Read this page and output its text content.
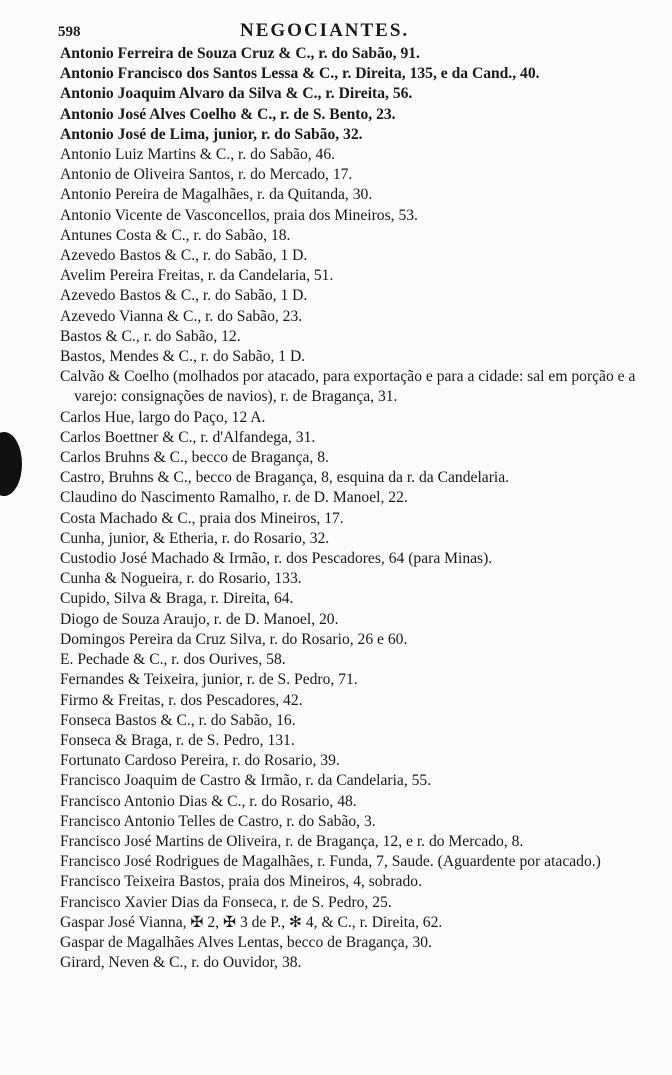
598	NEGOCIANTES.
Antonio Ferreira de Souza Cruz & C., r. do Sabão, 91.
Antonio Francisco dos Santos Lessa & C., r. Direita, 135, e da Cand., 40.
Antonio Joaquim Alvaro da Silva & C., r. Direita, 56.
Antonio José Alves Coelho & C., r. de S. Bento, 23.
Antonio José de Lima, junior, r. do Sabão, 32.
Antonio Luiz Martins & C., r. do Sabão, 46.
Antonio de Oliveira Santos, r. do Mercado, 17.
Antonio Pereira de Magalhães, r. da Quitanda, 30.
Antonio Vicente de Vasconcellos, praia dos Mineiros, 53.
Antunes Costa & C., r. do Sabão, 18.
Azevedo Bastos & C., r. do Sabão, 1 D.
Avelim Pereira Freitas, r. da Candelaria, 51.
Azevedo Bastos & C., r. do Sabão, 1 D.
Azevedo Vianna & C., r. do Sabão, 23.
Bastos & C., r. do Sabão, 12.
Bastos, Mendes & C., r. do Sabão, 1 D.
Calvão & Coelho (molhados por atacado, para exportação e para a cidade: sal em porção e a varejo: consignações de navios), r. de Bragança, 31.
Carlos Hue, largo do Paço, 12 A.
Carlos Boettner & C., r. d'Alfandega, 31.
Carlos Bruhns & C., becco de Bragança, 8.
Castro, Bruhns & C., becco de Bragança, 8, esquina da r. da Candelaria.
Claudino do Nascimento Ramalho, r. de D. Manoel, 22.
Costa Machado & C., praia dos Mineiros, 17.
Cunha, junior, & Etheria, r. do Rosario, 32.
Custodio José Machado & Irmão, r. dos Pescadores, 64 (para Minas).
Cunha & Nogueira, r. do Rosario, 133.
Cupido, Silva & Braga, r. Direita, 64.
Diogo de Souza Araujo, r. de D. Manoel, 20.
Domingos Pereira da Cruz Silva, r. do Rosario, 26 e 60.
E. Pechade & C., r. dos Ourives, 58.
Fernandes & Teixeira, junior, r. de S. Pedro, 71.
Firmo & Freitas, r. dos Pescadores, 42.
Fonseca Bastos & C., r. do Sabão, 16.
Fonseca & Braga, r. de S. Pedro, 131.
Fortunato Cardoso Pereira, r. do Rosario, 39.
Francisco Joaquim de Castro & Irmão, r. da Candelaria, 55.
Francisco Antonio Dias & C., r. do Rosario, 48.
Francisco Antonio Telles de Castro, r. do Sabão, 3.
Francisco José Martins de Oliveira, r. de Bragança, 12, e r. do Mercado, 8.
Francisco José Rodrigues de Magalhães, r. Funda, 7, Saude. (Aguardente por atacado.)
Francisco Teixeira Bastos, praia dos Mineiros, 4, sobrado.
Francisco Xavier Dias da Fonseca, r. de S. Pedro, 25.
Gaspar José Vianna, ✠ 2, ✠ 3 de P., ✻ 4, & C., r. Direita, 62.
Gaspar de Magalhães Alves Lentas, becco de Bragança, 30.
Girard, Neven & C., r. do Ouvidor, 38.
